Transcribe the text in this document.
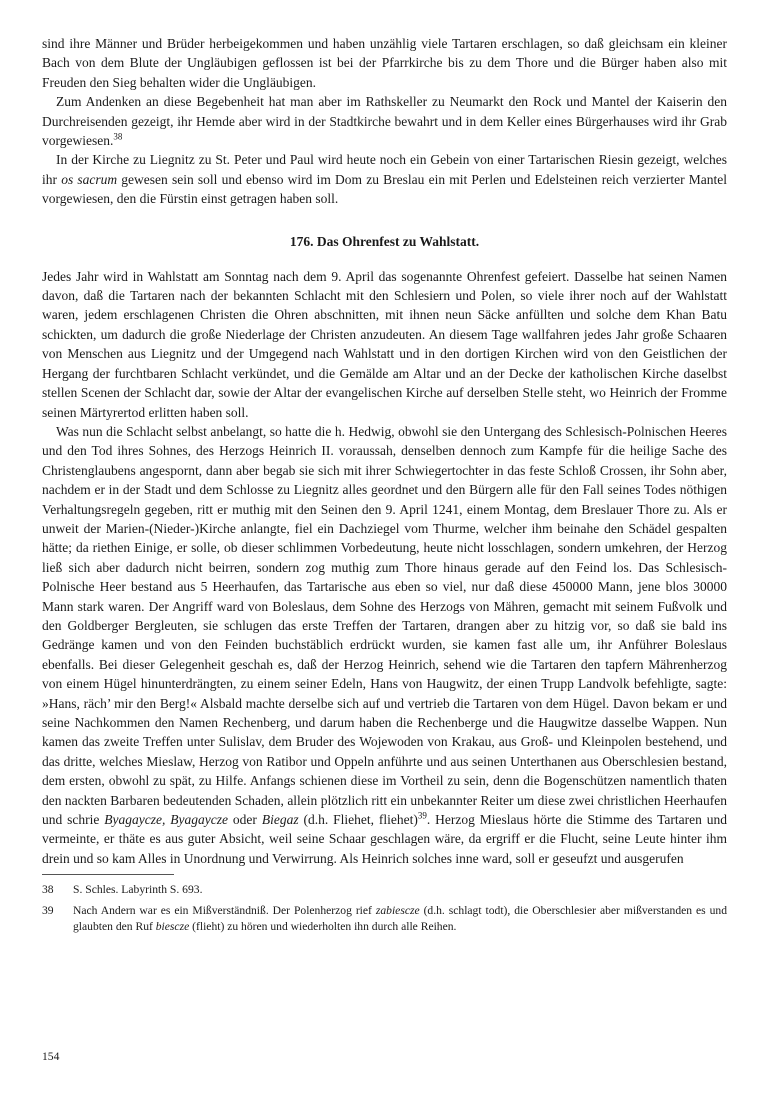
sind ihre Männer und Brüder herbeigekommen und haben unzählig viele Tartaren erschlagen, so daß gleichsam ein kleiner Bach von dem Blute der Ungläubigen geflossen ist bei der Pfarrkirche bis zu dem Thore und die Bürger haben also mit Freuden den Sieg behalten wider die Ungläubigen.

Zum Andenken an diese Begebenheit hat man aber im Rathskeller zu Neumarkt den Rock und Mantel der Kaiserin den Durchreisenden gezeigt, ihr Hemde aber wird in der Stadtkirche bewahrt und in dem Keller eines Bürgerhauses wird ihr Grab vorgewiesen.$^{38}$

In der Kirche zu Liegnitz zu St. Peter und Paul wird heute noch ein Gebein von einer Tartarischen Riesin gezeigt, welches ihr os sacrum gewesen sein soll und ebenso wird im Dom zu Breslau ein mit Perlen und Edelsteinen reich verzierter Mantel vorgewiesen, den die Fürstin einst getragen haben soll.

176. Das Ohrenfest zu Wahlstatt.

Jedes Jahr wird in Wahlstatt am Sonntag nach dem 9. April das sogenannte Ohrenfest gefeiert. Dasselbe hat seinen Namen davon, daß die Tartaren nach der bekannten Schlacht mit den Schlesiern und Polen, so viele ihrer noch auf der Wahlstatt waren, jedem erschlagenen Christen die Ohren abschnitten, mit ihnen neun Säcke anfüllten und solche dem Khan Batu schickten, um dadurch die große Niederlage der Christen anzudeuten. An diesem Tage wallfahren jedes Jahr große Schaaren von Menschen aus Liegnitz und der Umgegend nach Wahlstatt und in den dortigen Kirchen wird von den Geistlichen der Hergang der furchtbaren Schlacht verkündet, und die Gemälde am Altar und an der Decke der katholischen Kirche daselbst stellen Scenen der Schlacht dar, sowie der Altar der evangelischen Kirche auf derselben Stelle steht, wo Heinrich der Fromme seinen Märtyrertod erlitten haben soll.

Was nun die Schlacht selbst anbelangt, so hatte die h. Hedwig, obwohl sie den Untergang des Schlesisch-Polnischen Heeres und den Tod ihres Sohnes, des Herzogs Heinrich II. voraussah, denselben dennoch zum Kampfe für die heilige Sache des Christenglaubens angespornt, dann aber begab sie sich mit ihrer Schwiegertochter in das feste Schloß Crossen, ihr Sohn aber, nachdem er in der Stadt und dem Schlosse zu Liegnitz alles geordnet und den Bürgern alle für den Fall seines Todes nöthigen Verhaltungsregeln gegeben, ritt er muthig mit den Seinen den 9. April 1241, einem Montag, dem Breslauer Thore zu. Als er unweit der Marien-(Nieder-)Kirche anlangte, fiel ein Dachziegel vom Thurme, welcher ihm beinahe den Schädel gespalten hätte; da riethen Einige, er solle, ob dieser schlimmen Vorbedeutung, heute nicht losschlagen, sondern umkehren, der Herzog ließ sich aber dadurch nicht beirren, sondern zog muthig zum Thore hinaus gerade auf den Feind los. Das Schlesisch-Polnische Heer bestand aus 5 Heerhaufen, das Tartarische aus eben so viel, nur daß diese 450000 Mann, jene blos 30000 Mann stark waren. Der Angriff ward von Boleslaus, dem Sohne des Herzogs von Mähren, gemacht mit seinem Fußvolk und den Goldberger Bergleuten, sie schlugen das erste Treffen der Tartaren, drangen aber zu hitzig vor, so daß sie bald ins Gedränge kamen und von den Feinden buchstäblich erdrückt wurden, sie kamen fast alle um, ihr Anführer Boleslaus ebenfalls. Bei dieser Gelegenheit geschah es, daß der Herzog Heinrich, sehend wie die Tartaren den tapfern Mährenherzog von einem Hügel hinunterdrängten, zu einem seiner Edeln, Hans von Haugwitz, der einen Trupp Landvolk befehligte, sagte: »Hans, räch’ mir den Berg!« Alsbald machte derselbe sich auf und vertrieb die Tartaren von dem Hügel. Davon bekam er und seine Nachkommen den Namen Rechenberg, und darum haben die Rechenberge und die Haugwitze dasselbe Wappen. Nun kamen das zweite Treffen unter Sulislav, dem Bruder des Wojewoden von Krakau, aus Groß- und Kleinpolen bestehend, und das dritte, welches Mieslaw, Herzog von Ratibor und Oppeln anführte und aus seinen Unterthanen aus Oberschlesien bestand, dem ersten, obwohl zu spät, zu Hilfe. Anfangs schienen diese im Vortheil zu sein, denn die Bogenschützen namentlich thaten den nackten Barbaren bedeutenden Schaden, allein plötzlich ritt ein unbekannter Reiter um diese zwei christlichen Heerhaufen und schrie Byagaycze, Byagaycze oder Biegaz (d.h. Fliehet, fliehet)$^{39}$. Herzog Mieslaus hörte die Stimme des Tartaren und vermeinte, er thäte es aus guter Absicht, weil seine Schaar geschlagen wäre, da ergriff er die Flucht, seine Leute hinter ihm drein und so kam Alles in Unordnung und Verwirrung. Als Heinrich solches inne ward, soll er geseufzt und ausgerufen

38	S. Schles. Labyrinth S. 693.
39	Nach Andern war es ein Mißverständniß. Der Polenherzog rief zabiescze (d.h. schlagt todt), die Oberschlesier aber mißverstanden es und glaubten den Ruf biescze (flieht) zu hören und wiederholten ihn durch alle Reihen.
154
